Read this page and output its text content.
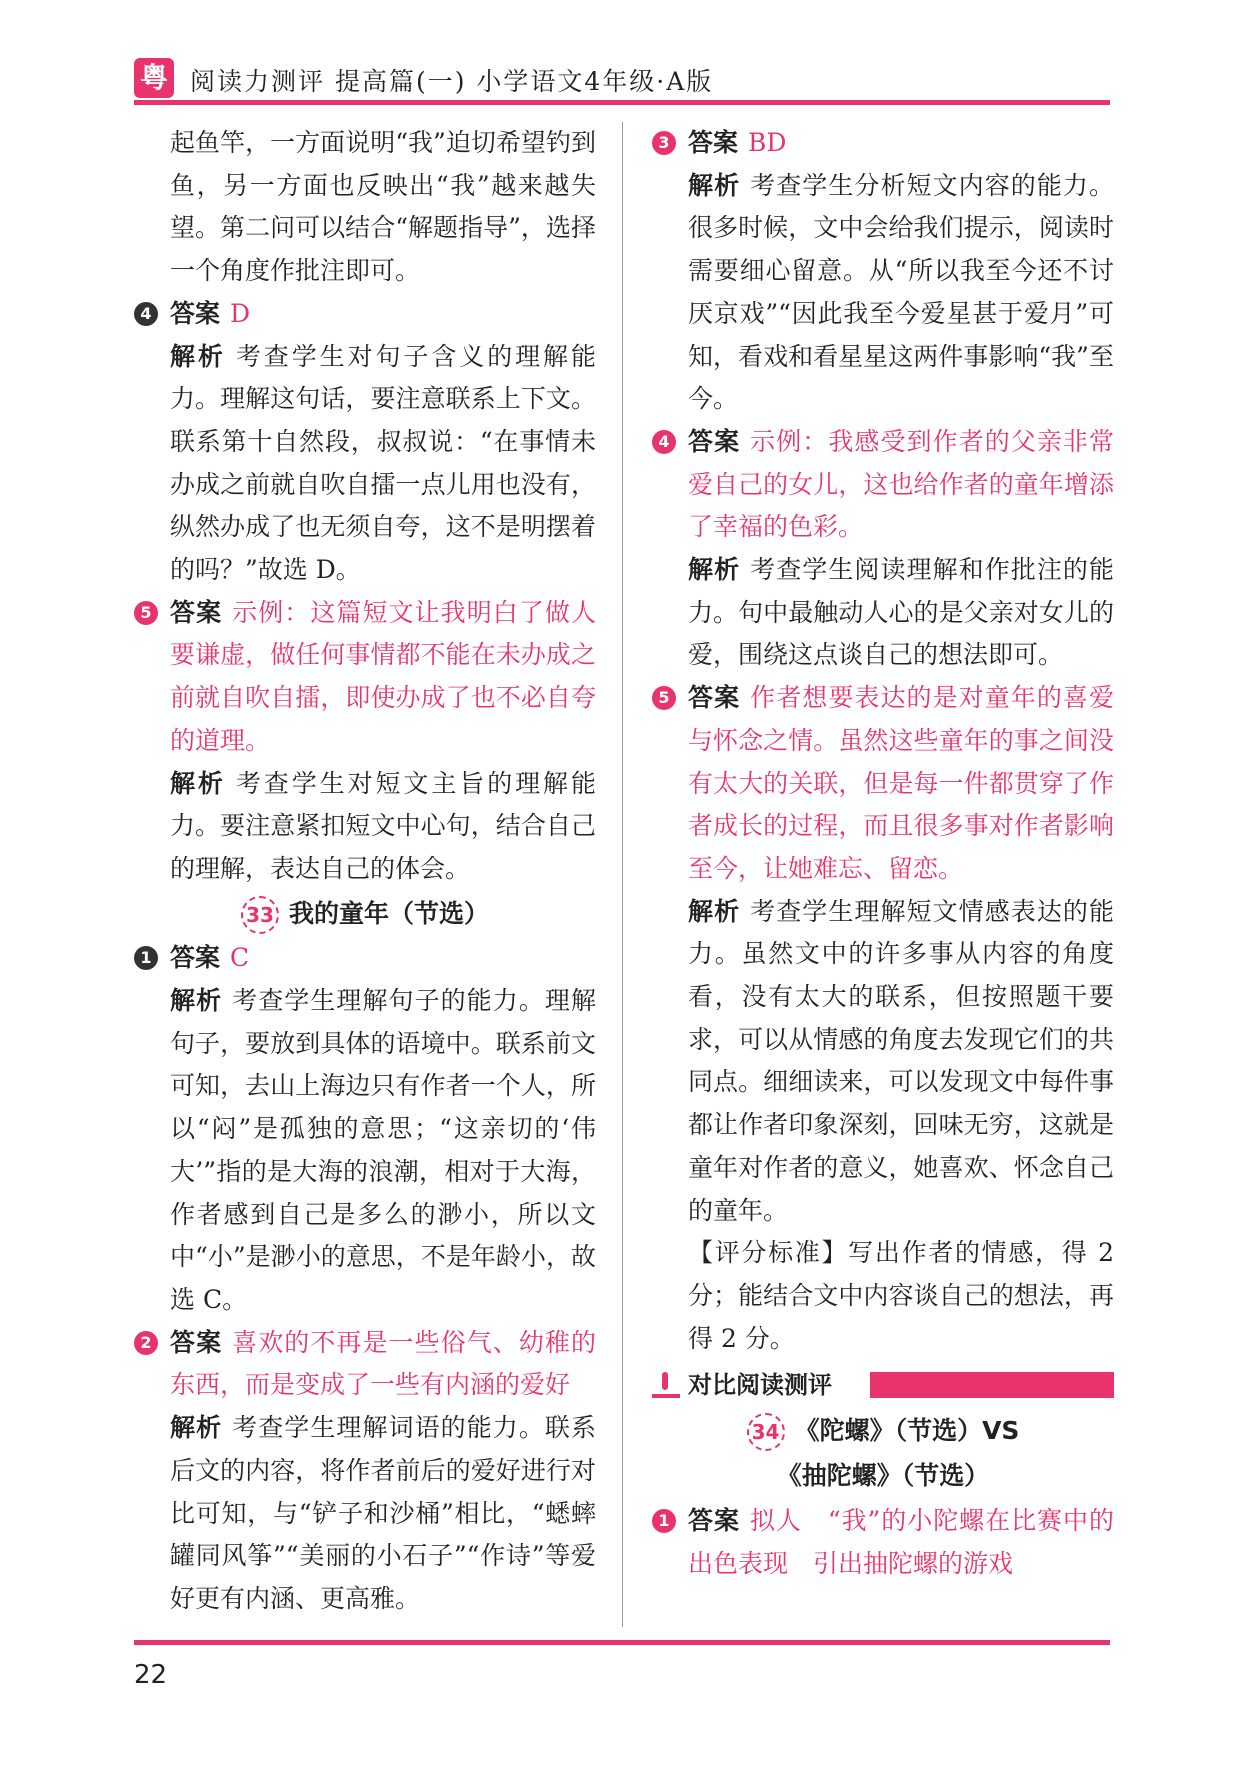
粤 阅读力测评 提高篇(一) 小学语文4年级·A版
起鱼竿，一方面说明“我”迫切希望钓到鱼，另一方面也反映出“我”越来越失望。第二问可以结合“解题指导”，选择一个角度作批注即可。
4 答案 D
解析 考查学生对句子含义的理解能力。理解这句话，要注意联系上下文。联系第十自然段，叔叔说：“在事情未办成之前就自吹自擂一点儿用也没有，纵然办成了也无须自夸，这不是明摆着的吗？”故选 D。
5 答案 示例：这篇短文让我明白了做人要谦虚，做任何事情都不能在未办成之前就自吹自擂，即使办成了也不必自夸的道理。
解析 考查学生对短文主旨的理解能力。要注意紧扣短文中心句，结合自己的理解，表达自己的体会。
33 我的童年（节选）
1 答案 C
解析 考查学生理解句子的能力。理解句子，要放到具体的语境中。联系前文可知，去山上海边只有作者一个人，所以“闷”是孤独的意思；“这亲切的‘伟大’”指的是大海的浪潮，相对于大海，作者感到自己是多么的渺小，所以文中“小”是渺小的意思，不是年龄小，故选 C。
2 答案 喜欢的不再是一些俗气、幼稚的东西，而是变成了一些有内涵的爱好
解析 考查学生理解词语的能力。联系后文的内容，将作者前后的爱好进行对比可知，与“铲子和沙桶”相比，“蟋蟀罐同风筝”“美丽的小石子”“作诗”等爱好更有内涵、更高雅。
3 答案 BD
解析 考查学生分析短文内容的能力。很多时候，文中会给我们提示，阅读时需要细心留意。从“所以我至今还不讨厌京戏”“因此我至今爱星甚于爱月”可知，看戏和看星星这两件事影响“我”至今。
4 答案 示例：我感受到作者的父亲非常爱自己的女儿，这也给作者的童年增添了幸福的色彩。
解析 考查学生阅读理解和作批注的能力。句中最触动人心的是父亲对女儿的爱，围绕这点谈自己的想法即可。
5 答案 作者想要表达的是对童年的喜爱与怀念之情。虽然这些童年的事之间没有太大的关联，但是每一件都贯穿了作者成长的过程，而且很多事对作者影响至今，让她难忘、留恋。
解析 考查学生理解短文情感表达的能力。虽然文中的许多事从内容的角度看，没有太大的联系，但按照题干要求，可以从情感的角度去发现它们的共同点。细细读来，可以发现文中每件事都让作者印象深刻，回味无穷，这就是童年对作者的意义，她喜欢、怀念自己的童年。
【评分标准】写出作者的情感，得 2 分；能结合文中内容谈自己的想法，再得 2 分。
对比阅读测评
34 《陀螺》（节选）VS
《抽陀螺》（节选）
1 答案 拟人　“我”的小陀螺在比赛中的出色表现　引出抽陀螺的游戏
22
